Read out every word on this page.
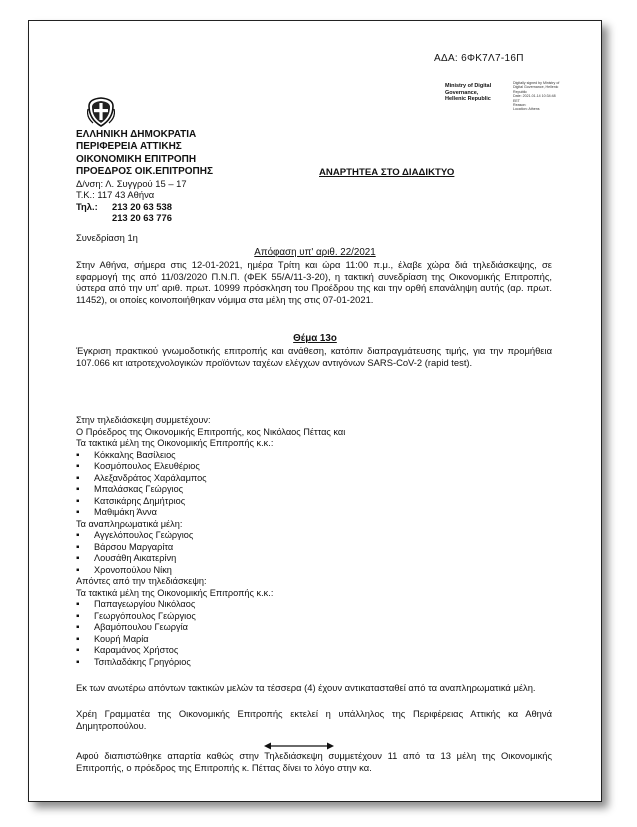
ΑΔΑ: 6ΦΚ7Λ7-16Π
Ministry of Digital
Governance,
Hellenic Republic
Digitally signed by Ministry of
Digital Governance, Hellenic
Republic
Date: 2021.01.14 10:34:48
EET
Reason:
Location: Athens
ΕΛΛΗΝΙΚΗ ΔΗΜΟΚΡΑΤΙΑ
ΠΕΡΙΦΕΡΕΙΑ ΑΤΤΙΚΗΣ
ΟΙΚΟΝΟΜΙΚΗ ΕΠΙΤΡΟΠΗ
ΠΡΟΕΔΡΟΣ ΟΙΚ.ΕΠΙΤΡΟΠΗΣ
Δ/νση: Λ. Συγγρού 15 – 17
Τ.Κ.: 117 43 Αθήνα
Τηλ.:	213 20 63 538
213 20 63 776
ΑΝΑΡΤΗΤΕΑ ΣΤΟ ΔΙΑΔΙΚΤΥΟ
Συνεδρίαση 1η
Απόφαση υπ' αριθ. 22/2021
Στην Αθήνα, σήμερα στις 12-01-2021, ημέρα Τρίτη και ώρα 11:00 π.μ., έλαβε χώρα διά τηλεδιάσκεψης, σε εφαρμογή της από 11/03/2020 Π.Ν.Π. (ΦΕΚ 55/Α/11-3-20), η τακτική συνεδρίαση της Οικονομικής Επιτροπής, ύστερα από την υπ' αριθ. πρωτ. 10999 πρόσκληση του Προέδρου της και την ορθή επανάληψη αυτής (αρ. πρωτ. 11452), οι οποίες κοινοποιήθηκαν νόμιμα στα μέλη της στις 07-01-2021.
Θέμα 13ο
Έγκριση πρακτικού γνωμοδοτικής επιτροπής και ανάθεση, κατόπιν διαπραγμάτευσης τιμής, για την προμήθεια 107.066 κιτ ιατροτεχνολογικών προϊόντων ταχέων ελέγχων αντιγόνων SARS-CoV-2 (rapid test).
Στην τηλεδιάσκεψη συμμετέχουν:
Ο Πρόεδρος της Οικονομικής Επιτροπής, κος Νικόλαος Πέττας και
Τα τακτικά μέλη της Οικονομικής Επιτροπής κ.κ.:
▪ Κόκκαλης Βασίλειος
▪ Κοσμόπουλος Ελευθέριος
▪ Αλεξανδράτος Χαράλαμπος
▪ Μπαλάσκας Γεώργιος
▪ Κατσικάρης Δημήτριος
▪ Μαθιμάκη Άννα
Τα αναπληρωματικά μέλη:
▪ Αγγελόπουλος Γεώργιος
▪ Βάρσου Μαργαρίτα
▪ Λουσάθη Αικατερίνη
▪ Χρονοπούλου Νίκη
Απόντες από την τηλεδιάσκεψη:
Τα τακτικά μέλη της Οικονομικής Επιτροπής κ.κ.:
▪ Παπαγεωργίου Νικόλαος
▪ Γεωργόπουλος Γεώργιος
▪ Αβαμόπουλου Γεωργία
▪ Κουρή Μαρία
▪ Καραμάνος Χρήστος
▪ Τσιτιλαδάκης Γρηγόριος
Εκ των ανωτέρω απόντων τακτικών μελών τα τέσσερα (4) έχουν αντικατασταθεί από τα αναπληρωματικά μέλη.
Χρέη Γραμματέα της Οικονομικής Επιτροπής εκτελεί η υπάλληλος της Περιφέρειας Αττικής κα Αθηνά Δημητροπούλου.
Αφού διαπιστώθηκε απαρτία καθώς στην Τηλεδιάσκεψη συμμετέχουν 11 από τα 13 μέλη της Οικονομικής Επιτροπής, ο πρόεδρος της Επιτροπής κ. Πέττας δίνει το λόγο στην κα.
